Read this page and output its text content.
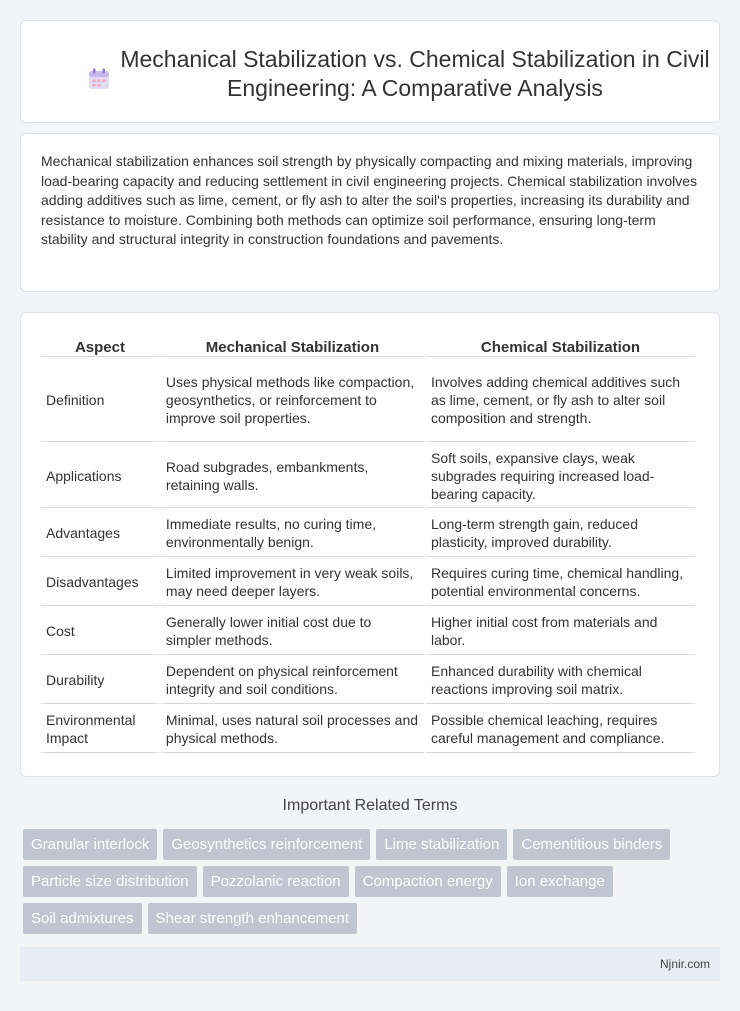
Mechanical Stabilization vs. Chemical Stabilization in Civil Engineering: A Comparative Analysis

Mechanical stabilization enhances soil strength by physically compacting and mixing materials, improving load-bearing capacity and reducing settlement in civil engineering projects. Chemical stabilization involves adding additives such as lime, cement, or fly ash to alter the soil's properties, increasing its durability and resistance to moisture. Combining both methods can optimize soil performance, ensuring long-term stability and structural integrity in construction foundations and pavements.

Aspect	Mechanical Stabilization	Chemical Stabilization
Definition	Uses physical methods like compaction, geosynthetics, or reinforcement to improve soil properties.	Involves adding chemical additives such as lime, cement, or fly ash to alter soil composition and strength.
Applications	Road subgrades, embankments, retaining walls.	Soft soils, expansive clays, weak subgrades requiring increased load-bearing capacity.
Advantages	Immediate results, no curing time, environmentally benign.	Long-term strength gain, reduced plasticity, improved durability.
Disadvantages	Limited improvement in very weak soils, may need deeper layers.	Requires curing time, chemical handling, potential environmental concerns.
Cost	Generally lower initial cost due to simpler methods.	Higher initial cost from materials and labor.
Durability	Dependent on physical reinforcement integrity and soil conditions.	Enhanced durability with chemical reactions improving soil matrix.
Environmental Impact	Minimal, uses natural soil processes and physical methods.	Possible chemical leaching, requires careful management and compliance.
Important Related Terms
Granular interlock	Geosynthetics reinforcement	Lime stabilization	Cementitious binders
Particle size distribution	Pozzolanic reaction	Compaction energy	Ion exchange
Soil admixtures	Shear strength enhancement
Njnir.com
